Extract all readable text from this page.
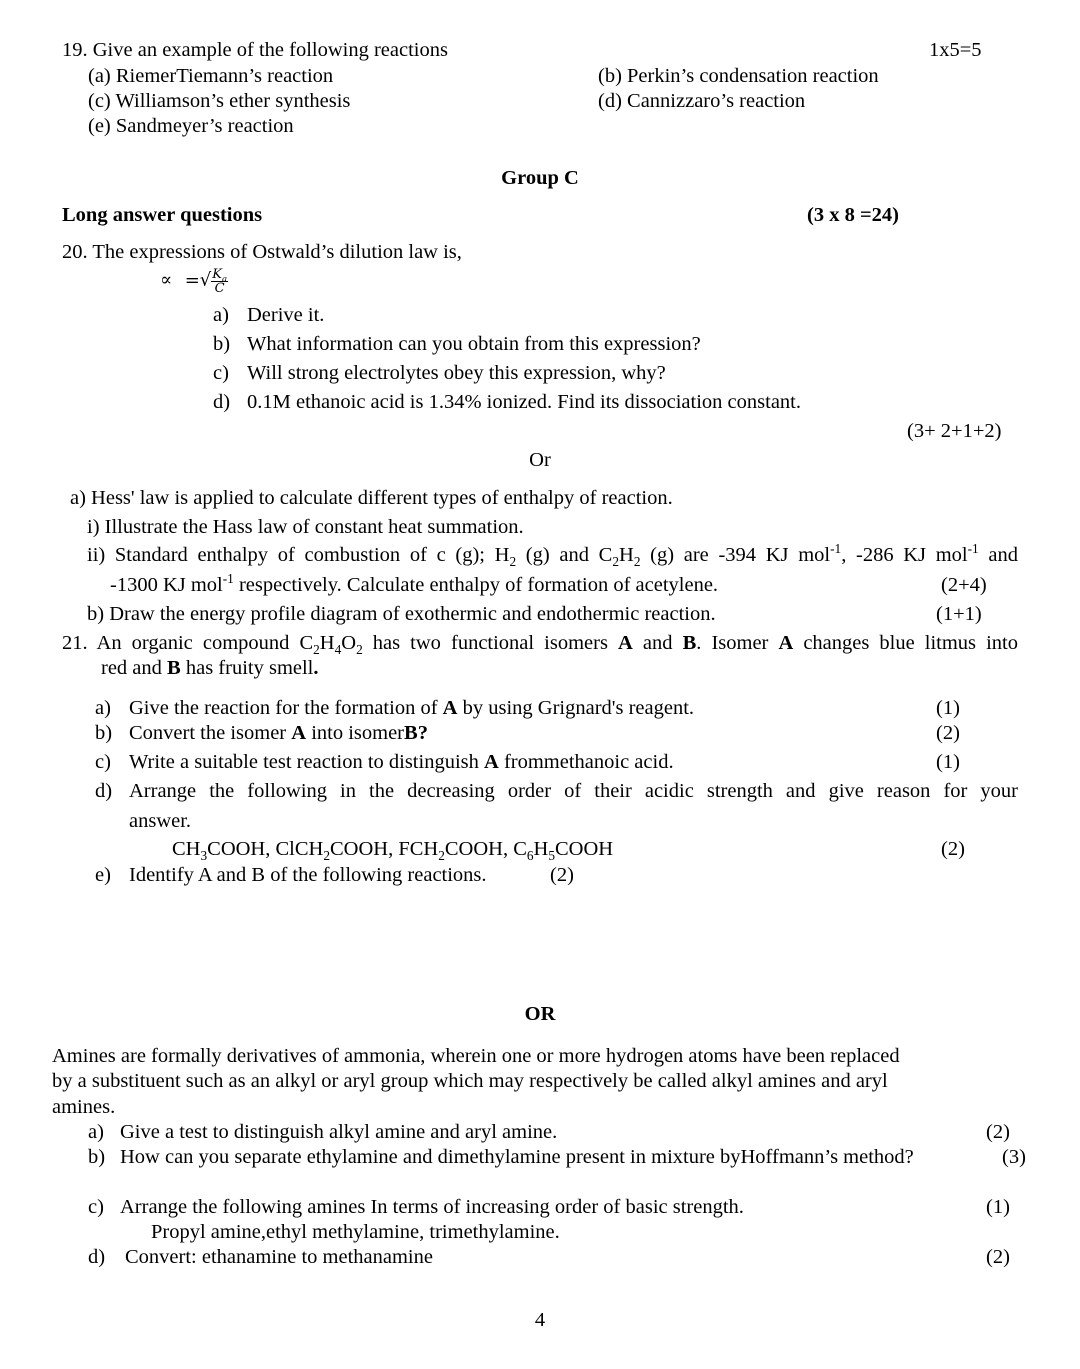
19. Give an example of the following reactions	1x5=5
(a) RiemerTiemann’s reaction	(b) Perkin’s condensation reaction
(c) Williamson’s ether synthesis	(d) Cannizzaro’s reaction
(e) Sandmeyer’s reaction
Group C
Long answer questions	(3 x 8 =24)
20. The expressions of Ostwald’s dilution law is,
∝ =√ $\frac{K_a}{C}$
a) Derive it.
b) What information can you obtain from this expression?
c) Will strong electrolytes obey this expression, why?
d) 0.1M ethanoic acid is 1.34% ionized. Find its dissociation constant.
(3+ 2+1+2)
Or
a) Hess' law is applied to calculate different types of enthalpy of reaction.
i) Illustrate the Hass law of constant heat summation.
ii) Standard enthalpy of combustion of c (g); $H_2$ (g) and $C_2H_2$ (g) are -394 KJ mol$^{-1}$, -286 KJ mol$^{-1}$ and
-1300 KJ mol$^{-1}$ respectively. Calculate enthalpy of formation of acetylene.	(2+4)
b) Draw the energy profile diagram of exothermic and endothermic reaction.	(1+1)
21. An organic compound $C_2H_4O_2$ has two functional isomers A and B. Isomer A changes blue litmus into
red and B has fruity smell.
a) Give the reaction for the formation of A by using Grignard's reagent.	(1)
b) Convert the isomer A into isomerB?	(2)
c) Write a suitable test reaction to distinguish A frommethanoic acid.	(1)
d) Arrange the following in the decreasing order of their acidic strength and give reason for your
answer.
$CH_3COOH$, ClCH$_2$COOH, $FCH_2COOH$, $C_6H_5COOH$	(2)
e) Identify A and B of the following reactions.	(2)
OR
Amines are formally derivatives of ammonia, wherein one or more hydrogen atoms have been replaced
by a substituent such as an alkyl or aryl group which may respectively be called alkyl amines and aryl
amines.
a) Give a test to distinguish alkyl amine and aryl amine.	(2)
b) How can you separate ethylamine and dimethylamine present in mixture byHoffmann’s method?	(3)
c) Arrange the following amines In terms of increasing order of basic strength.	(1)
Propyl amine,ethyl methylamine, trimethylamine.
d) Convert: ethanamine to methanamine	(2)
4
